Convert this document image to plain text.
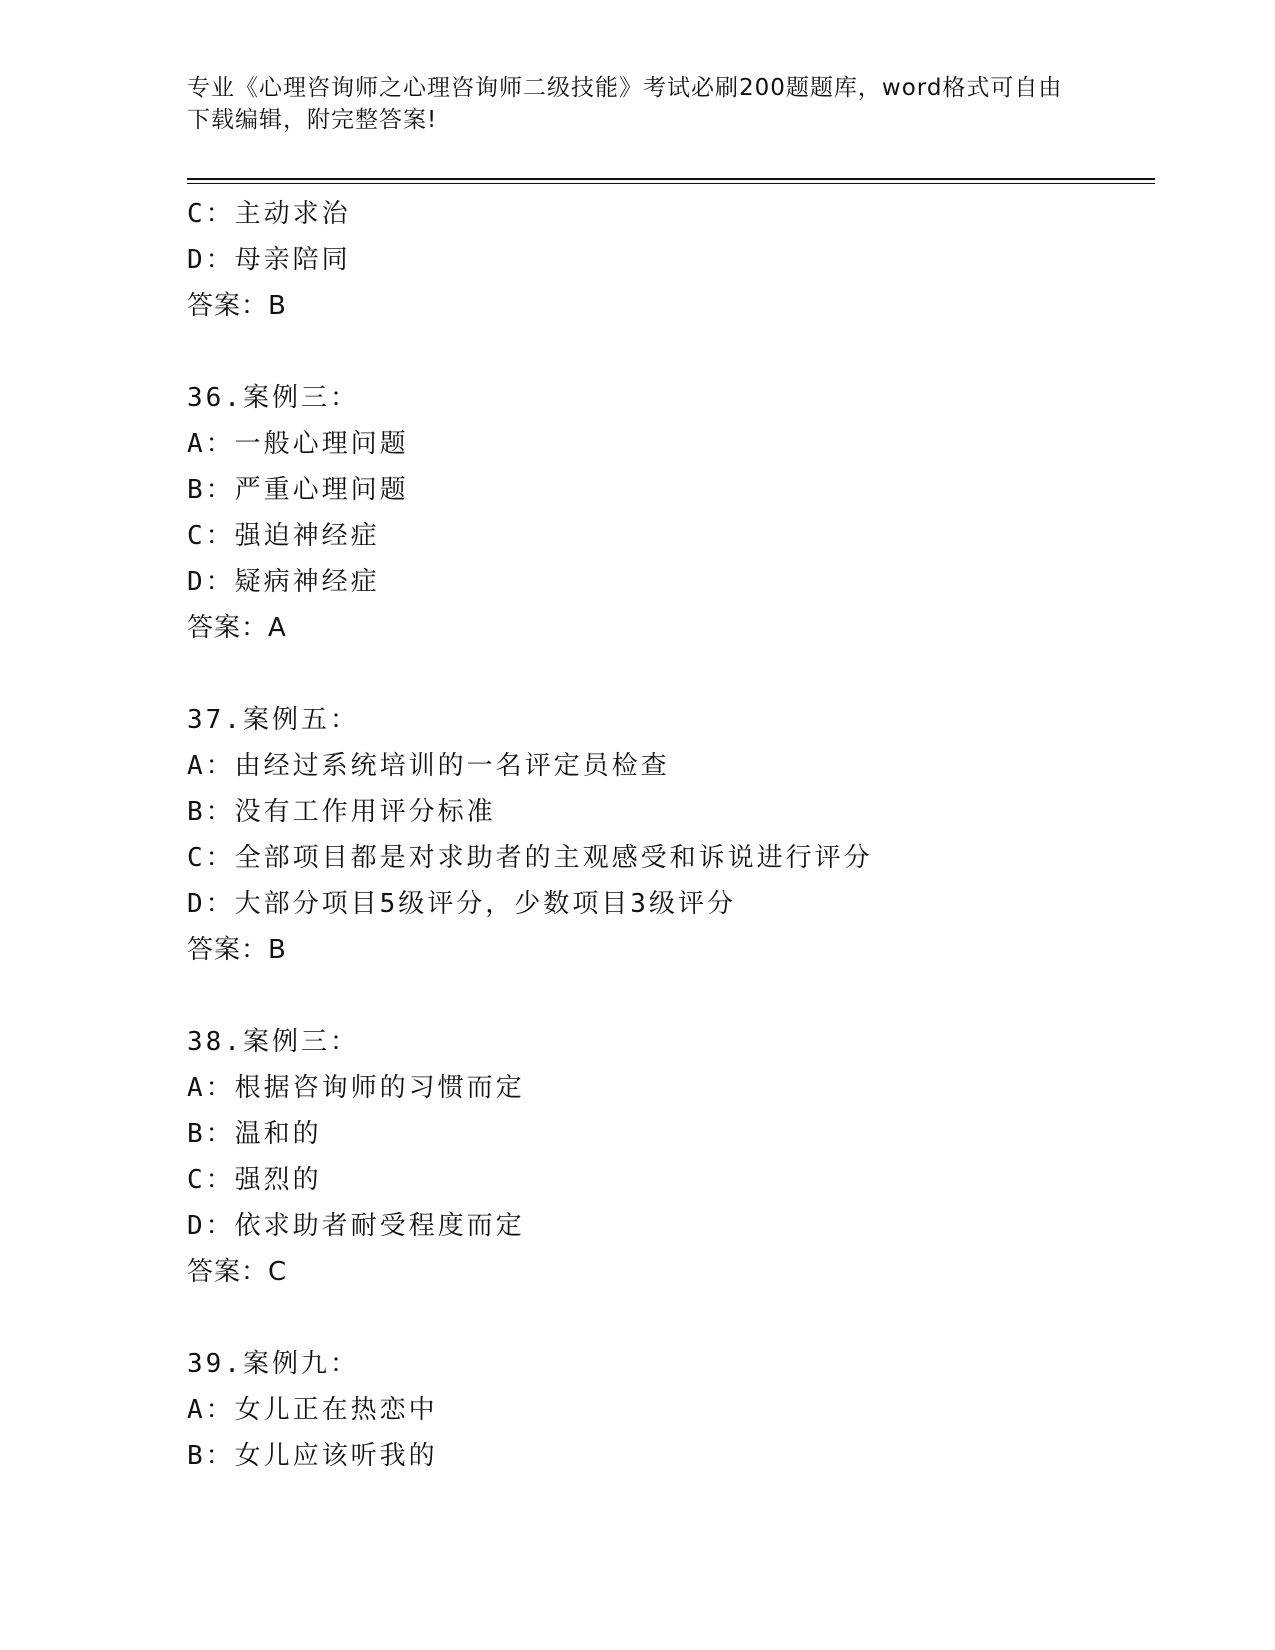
专业《心理咨询师之心理咨询师二级技能》考试必刷200题题库，word格式可自由下载编辑，附完整答案!
C：主动求治
D：母亲陪同
答案：B
36.案例三：
A：一般心理问题
B：严重心理问题
C：强迫神经症
D：疑病神经症
答案：A
37.案例五：
A：由经过系统培训的一名评定员检查
B：没有工作用评分标准
C：全部项目都是对求助者的主观感受和诉说进行评分
D：大部分项目5级评分，少数项目3级评分
答案：B
38.案例三：
A：根据咨询师的习惯而定
B：温和的
C：强烈的
D：依求助者耐受程度而定
答案：C
39.案例九：
A：女儿正在热恋中
B：女儿应该听我的
